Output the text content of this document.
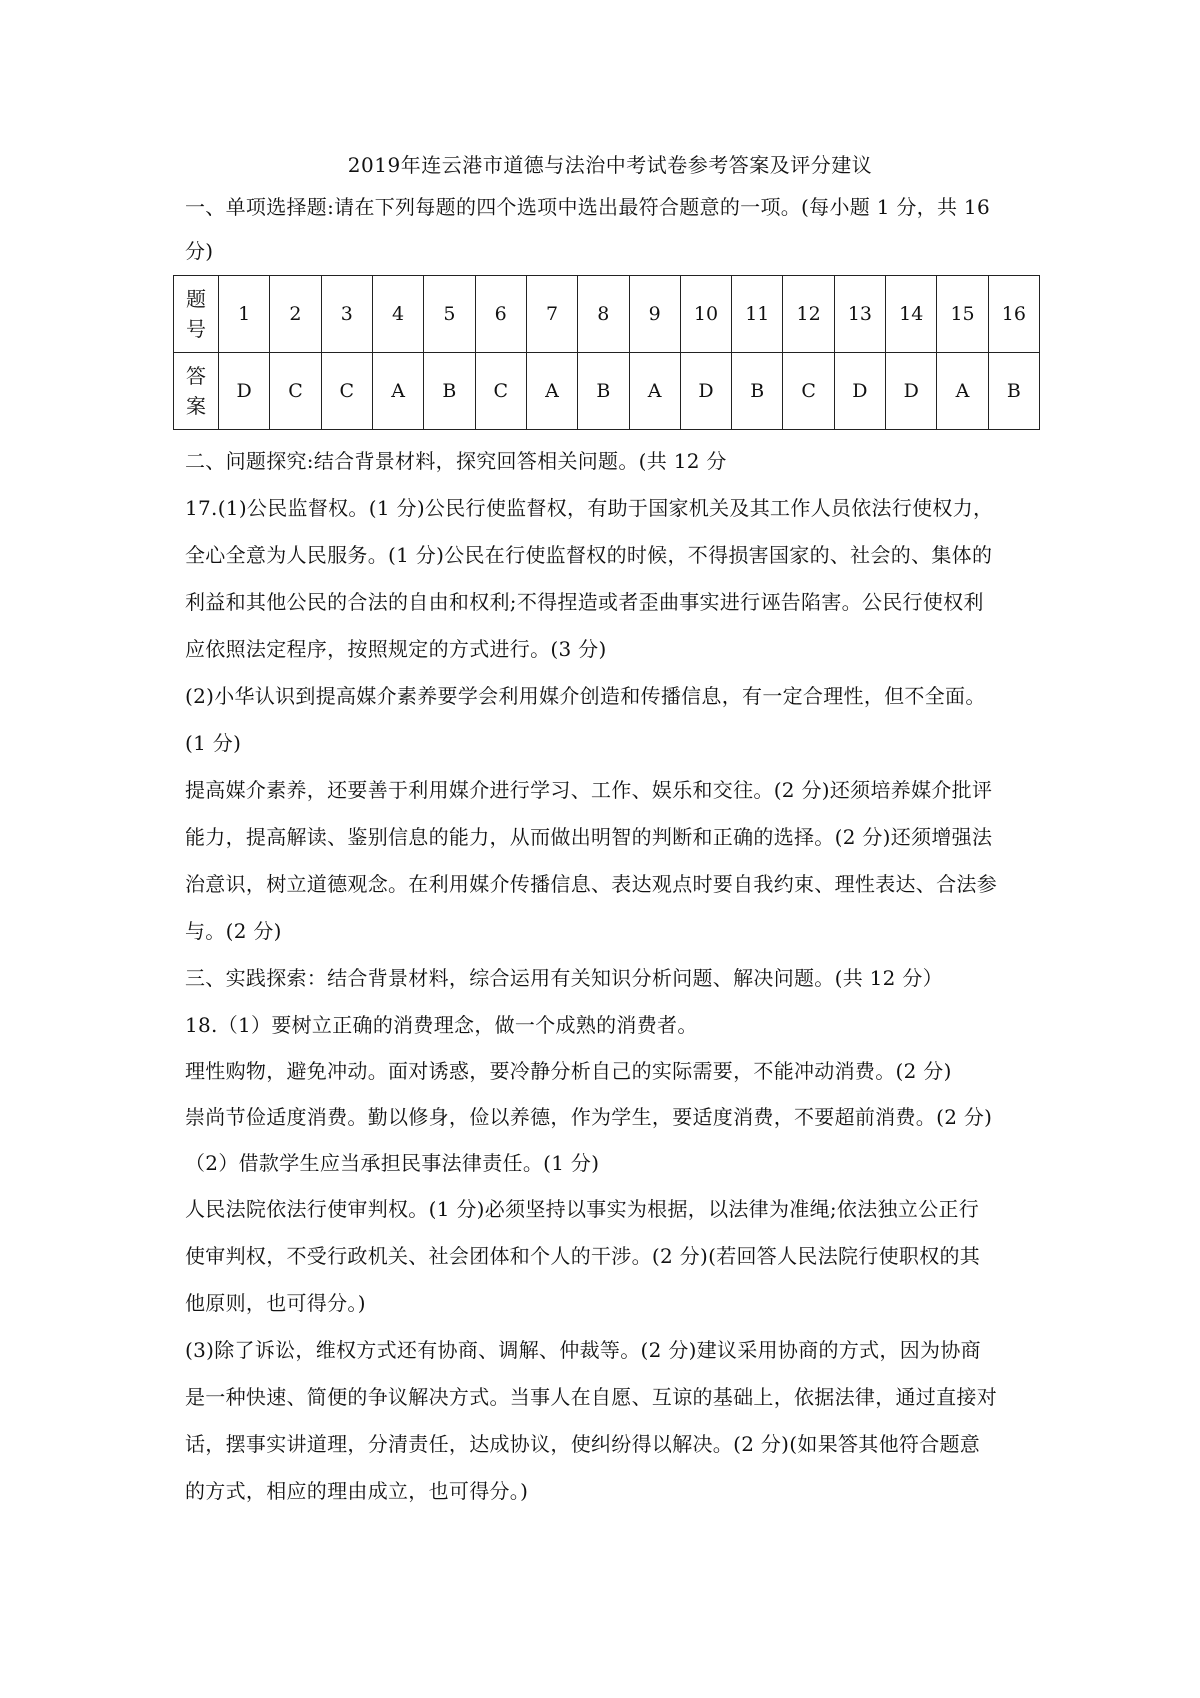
2019年连云港市道德与法治中考试卷参考答案及评分建议
一、单项选择题:请在下列每题的四个选项中选出最符合题意的一项。(每小题 1 分，共 16
分)
题
号	1	2	3	4	5	6	7	8	9	10	11	12	13	14	15	16

答
案	D	C	C	A	B	C	A	B	A	D	B	C	D	D	A	B
二、问题探究:结合背景材料，探究回答相关问题。(共 12 分
17.(1)公民监督权。(1 分)公民行使监督权，有助于国家机关及其工作人员依法行使权力，
全心全意为人民服务。(1 分)公民在行使监督权的时候，不得损害国家的、社会的、集体的
利益和其他公民的合法的自由和权利;不得捏造或者歪曲事实进行诬告陷害。公民行使权利
应依照法定程序，按照规定的方式进行。(3 分)
(2)小华认识到提高媒介素养要学会利用媒介创造和传播信息，有一定合理性，但不全面。
(1 分)
提高媒介素养，还要善于利用媒介进行学习、工作、娱乐和交往。(2 分)还须培养媒介批评
能力，提高解读、鉴别信息的能力，从而做出明智的判断和正确的选择。(2 分)还须增强法
治意识，树立道德观念。在利用媒介传播信息、表达观点时要自我约束、理性表达、合法参
与。(2 分)
三、实践探索：结合背景材料，综合运用有关知识分析问题、解决问题。(共 12 分）
18.（1）要树立正确的消费理念，做一个成熟的消费者。
理性购物，避免冲动。面对诱惑，要冷静分析自己的实际需要，不能冲动消费。(2 分)
崇尚节俭适度消费。勤以修身，俭以养德，作为学生，要适度消费，不要超前消费。(2 分)
（2）借款学生应当承担民事法律责任。(1 分)
人民法院依法行使审判权。(1 分)必须坚持以事实为根据，以法律为准绳;依法独立公正行
使审判权，不受行政机关、社会团体和个人的干涉。(2 分)(若回答人民法院行使职权的其
他原则，也可得分。)
(3)除了诉讼，维权方式还有协商、调解、仲裁等。(2 分)建议采用协商的方式，因为协商
是一种快速、简便的争议解决方式。当事人在自愿、互谅的基础上，依据法律，通过直接对
话，摆事实讲道理，分清责任，达成协议，使纠纷得以解决。(2 分)(如果答其他符合题意
的方式，相应的理由成立，也可得分。)
